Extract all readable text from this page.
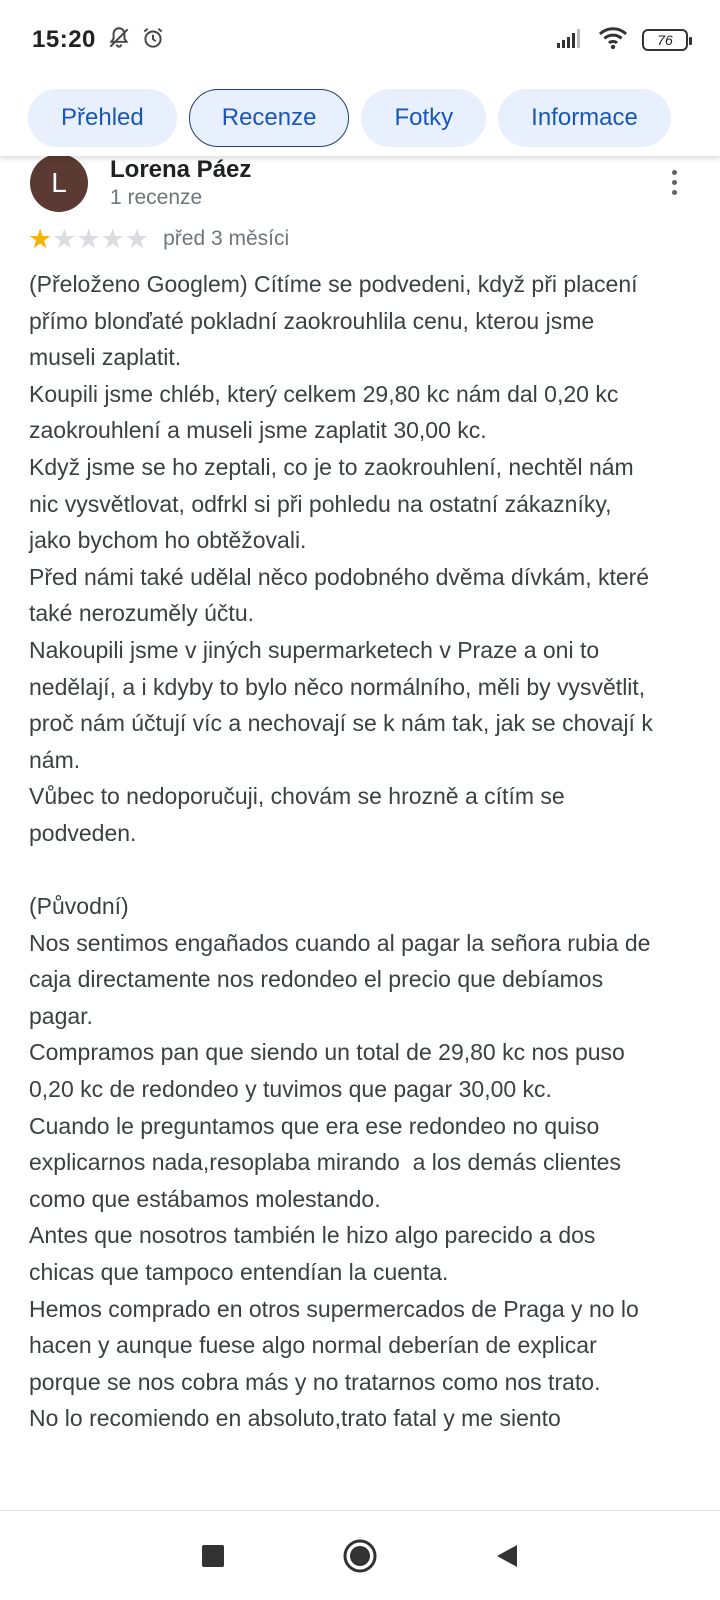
15:20	76
Přehled	Recenze	Fotky	Informace
L	Lorena Páez
1 recenze
★ ★ ★ ★ ★ před 3 měsíci
(Přeloženo Googlem) Cítíme se podvedeni, když při placení přímo blonďaté pokladní zaokrouhlila cenu, kterou jsme museli zaplatit.
Koupili jsme chléb, který celkem 29,80 kc nám dal 0,20 kc zaokrouhlení a museli jsme zaplatit 30,00 kc.
Když jsme se ho zeptali, co je to zaokrouhlení, nechtěl nám nic vysvětlovat, odfrkl si při pohledu na ostatní zákazníky, jako bychom ho obtěžovali.
Před námi také udělal něco podobného dvěma dívkám, které také nerozuměly účtu.
Nakoupili jsme v jiných supermarketech v Praze a oni to nedělají, a i kdyby to bylo něco normálního, měli by vysvětlit, proč nám účtují víc a nechovají se k nám tak, jak se chovají k nám.
Vůbec to nedoporučuji, chovám se hrozně a cítím se podveden.

(Původní)
Nos sentimos engañados cuando al pagar la señora rubia de caja directamente nos redondeo el precio que debíamos pagar.
Compramos pan que siendo un total de 29,80 kc nos puso 0,20 kc de redondeo y tuvimos que pagar 30,00 kc.
Cuando le preguntamos que era ese redondeo no quiso explicarnos nada,resoplaba mirando  a los demás clientes como que estábamos molestando.
Antes que nosotros también le hizo algo parecido a dos chicas que tampoco entendían la cuenta.
Hemos comprado en otros supermercados de Praga y no lo hacen y aunque fuese algo normal deberían de explicar porque se nos cobra más y no tratarnos como nos trato.
No lo recomiendo en absoluto,trato fatal y me siento
